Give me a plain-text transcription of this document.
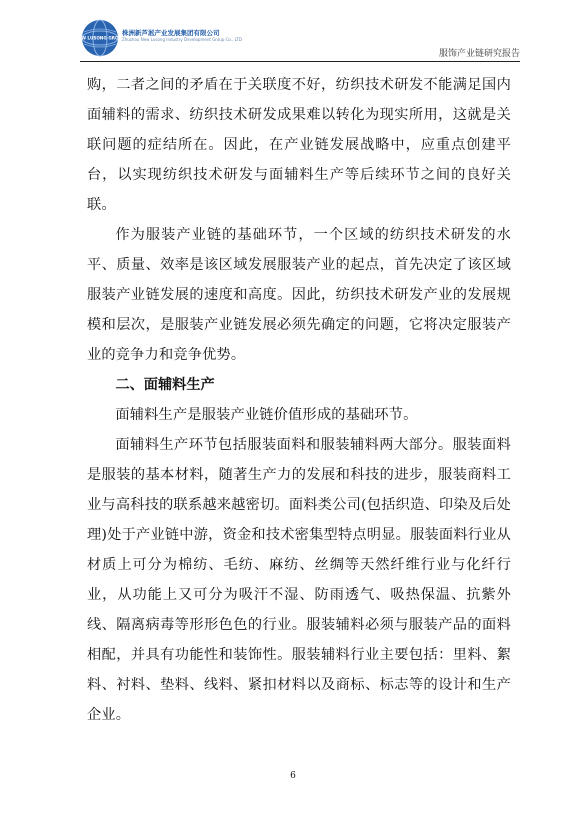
NEW LUSONG GROUP
株洲新芦淞产业发展集团有限公司
Zhuzhou New Lusong Industry Development Group Co., LTD
服饰产业链研究报告

购，二者之间的矛盾在于关联度不好，纺织技术研发不能满足国内面辅料的需求、纺织技术研发成果难以转化为现实所用，这就是关联问题的症结所在。因此，在产业链发展战略中，应重点创建平台，以实现纺织技术研发与面辅料生产等后续环节之间的良好关联。

作为服装产业链的基础环节，一个区域的纺织技术研发的水平、质量、效率是该区域发展服装产业的起点，首先决定了该区域服装产业链发展的速度和高度。因此，纺织技术研发产业的发展规模和层次，是服装产业链发展必须先确定的问题，它将决定服装产业的竞争力和竞争优势。

二、面辅料生产

面辅料生产是服装产业链价值形成的基础环节。

面辅料生产环节包括服装面料和服装辅料两大部分。服装面料是服装的基本材料，随著生产力的发展和科技的进步，服装商料工业与高科技的联系越来越密切。面料类公司(包括织造、印染及后处理)处于产业链中游，资金和技术密集型特点明显。服装面料行业从材质上可分为棉纺、毛纺、麻纺、丝绸等天然纤维行业与化纤行业，从功能上又可分为吸汗不湿、防雨透气、吸热保温、抗紫外线、隔离病毒等形形色色的行业。服装辅料必须与服装产品的面料相配，并具有功能性和装饰性。服装辅料行业主要包括：里料、絮料、衬料、垫料、线料、紧扣材料以及商标、标志等的设计和生产企业。

6
